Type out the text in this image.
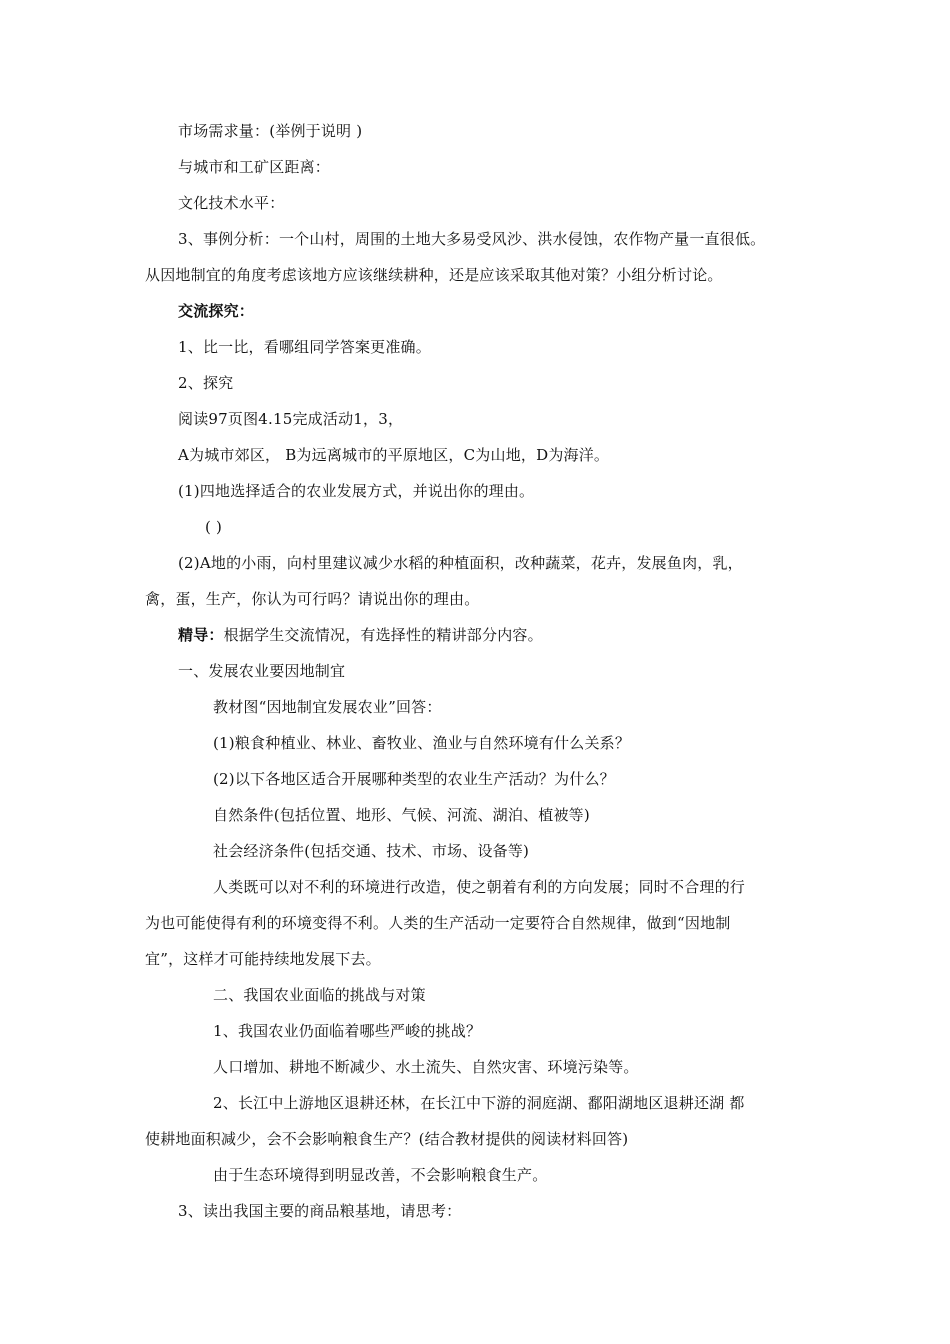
市场需求量：(举例于说明 )
与城市和工矿区距离：
文化技术水平：
3、事例分析：一个山村，周围的土地大多易受风沙、洪水侵蚀，农作物产量一直很低。
从因地制宜的角度考虑该地方应该继续耕种，还是应该采取其他对策？小组分析讨论。
交流探究：
1、比一比，看哪组同学答案更准确。
2、探究
阅读97页图4.15完成活动1，3，
A为城市郊区， B为远离城市的平原地区，C为山地，D为海洋。
(1)四地选择适合的农业发展方式，并说出你的理由。
( )
(2)A地的小雨，向村里建议减少水稻的种植面积，改种蔬菜，花卉，发展鱼肉，乳，
禽，蛋，生产，你认为可行吗？请说出你的理由。
精导：根据学生交流情况，有选择性的精讲部分内容。
一、发展农业要因地制宜
教材图“因地制宜发展农业”回答：
(1)粮食种植业、林业、畜牧业、渔业与自然环境有什么关系？
(2)以下各地区适合开展哪种类型的农业生产活动？为什么？
自然条件(包括位置、地形、气候、河流、湖泊、植被等)
社会经济条件(包括交通、技术、市场、设备等)
人类既可以对不利的环境进行改造，使之朝着有利的方向发展；同时不合理的行
为也可能使得有利的环境变得不利。人类的生产活动一定要符合自然规律，做到“因地制
宜”，这样才可能持续地发展下去。
二、我国农业面临的挑战与对策
1、我国农业仍面临着哪些严峻的挑战？
人口增加、耕地不断减少、水土流失、自然灾害、环境污染等。
2、长江中上游地区退耕还林，在长江中下游的洞庭湖、鄱阳湖地区退耕还湖 都
使耕地面积减少，会不会影响粮食生产？(结合教材提供的阅读材料回答)
由于生态环境得到明显改善，不会影响粮食生产。
3、读出我国主要的商品粮基地，请思考：
